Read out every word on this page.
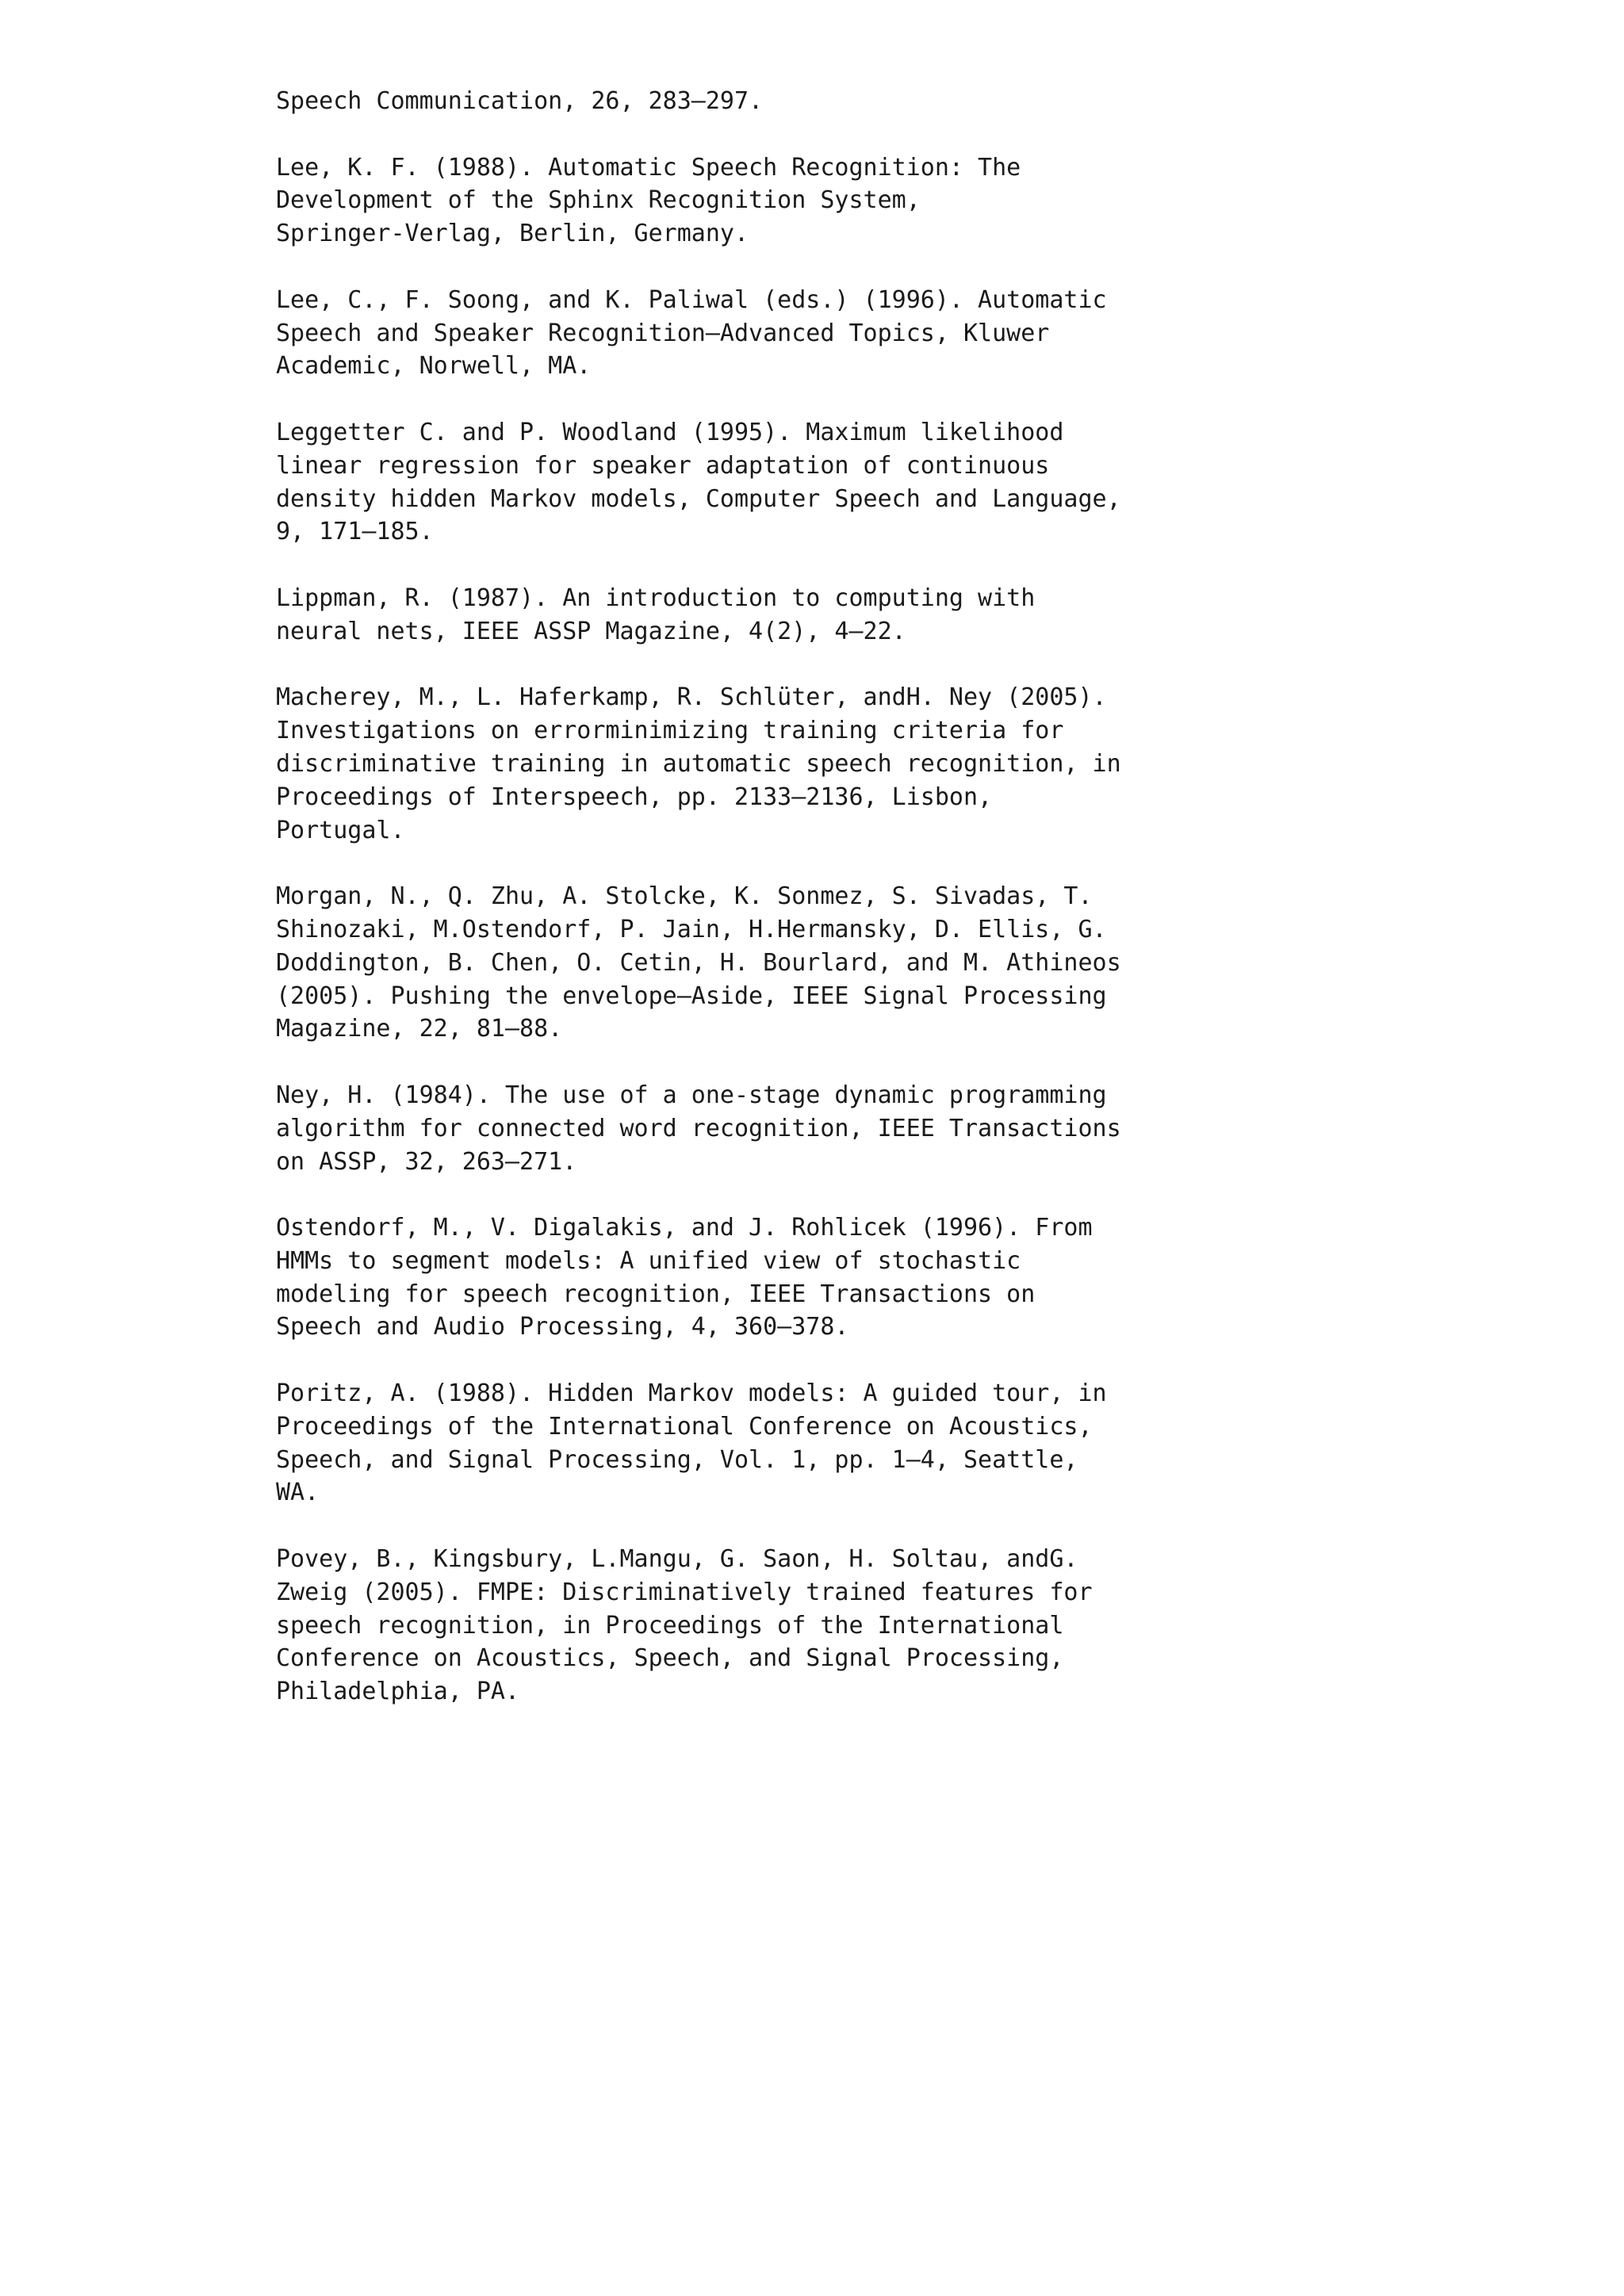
Speech Communication, 26, 283–297.
Lee, K. F. (1988). Automatic Speech Recognition: The
Development of the Sphinx Recognition System,
Springer-Verlag, Berlin, Germany.
Lee, C., F. Soong, and K. Paliwal (eds.) (1996). Automatic
Speech and Speaker Recognition—Advanced Topics, Kluwer
Academic, Norwell, MA.
Leggetter C. and P. Woodland (1995). Maximum likelihood
linear regression for speaker adaptation of continuous
density hidden Markov models, Computer Speech and Language,
9, 171–185.
Lippman, R. (1987). An introduction to computing with
neural nets, IEEE ASSP Magazine, 4(2), 4–22.
Macherey, M., L. Haferkamp, R. Schlüter, andH. Ney (2005).
Investigations on errorminimizing training criteria for
discriminative training in automatic speech recognition, in
Proceedings of Interspeech, pp. 2133–2136, Lisbon,
Portugal.
Morgan, N., Q. Zhu, A. Stolcke, K. Sonmez, S. Sivadas, T.
Shinozaki, M.Ostendorf, P. Jain, H.Hermansky, D. Ellis, G.
Doddington, B. Chen, O. Cetin, H. Bourlard, and M. Athineos
(2005). Pushing the envelope—Aside, IEEE Signal Processing
Magazine, 22, 81–88.
Ney, H. (1984). The use of a one-stage dynamic programming
algorithm for connected word recognition, IEEE Transactions
on ASSP, 32, 263–271.
Ostendorf, M., V. Digalakis, and J. Rohlicek (1996). From
HMMs to segment models: A unified view of stochastic
modeling for speech recognition, IEEE Transactions on
Speech and Audio Processing, 4, 360–378.
Poritz, A. (1988). Hidden Markov models: A guided tour, in
Proceedings of the International Conference on Acoustics,
Speech, and Signal Processing, Vol. 1, pp. 1–4, Seattle,
WA.
Povey, B., Kingsbury, L.Mangu, G. Saon, H. Soltau, andG.
Zweig (2005). FMPE: Discriminatively trained features for
speech recognition, in Proceedings of the International
Conference on Acoustics, Speech, and Signal Processing,
Philadelphia, PA.
